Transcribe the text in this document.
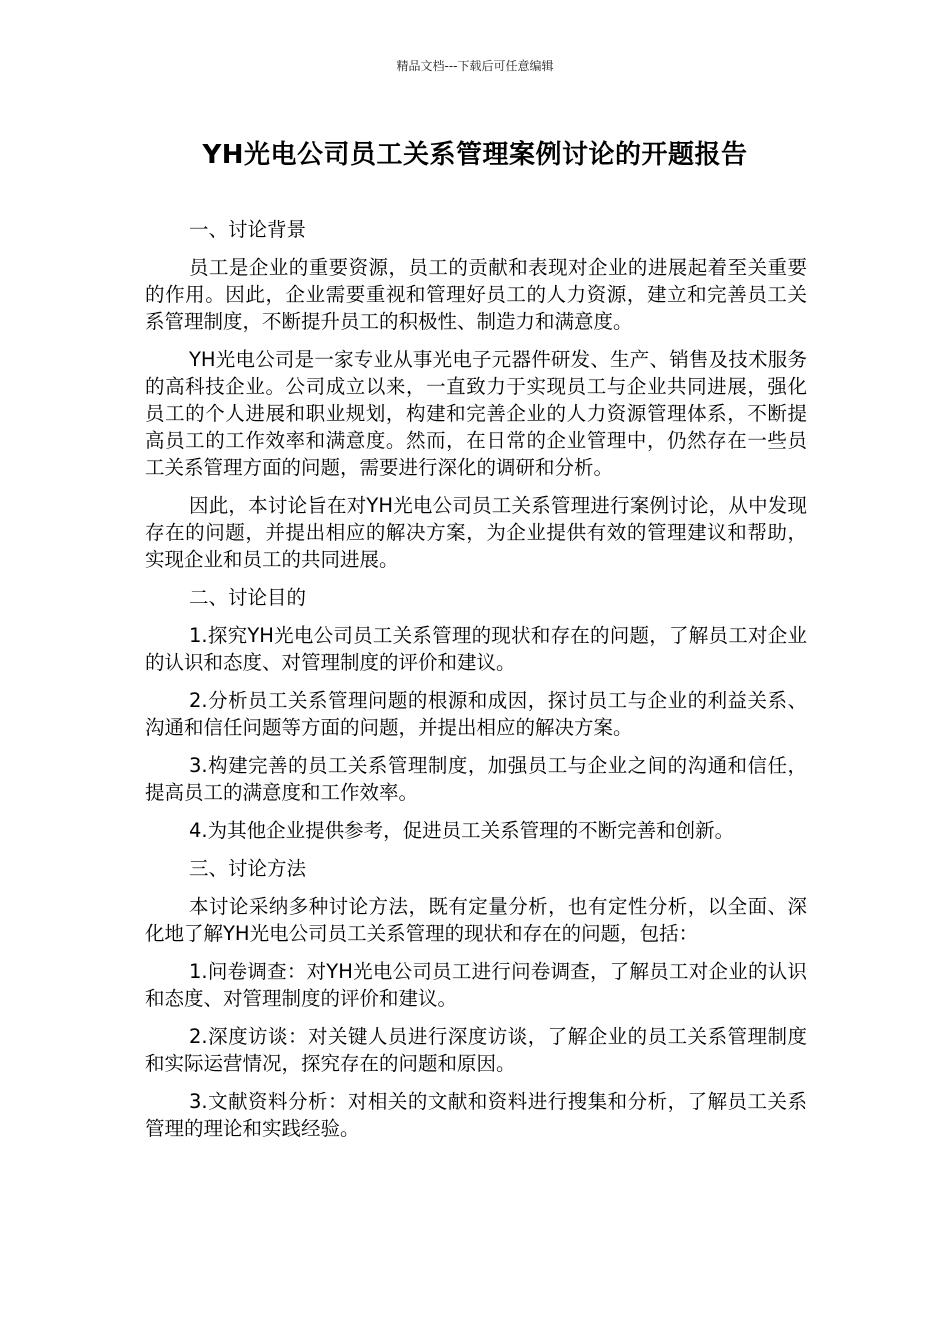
精品文档---下载后可任意编辑
YH光电公司员工关系管理案例讨论的开题报告

一、讨论背景

员工是企业的重要资源，员工的贡献和表现对企业的进展起着至关重要的作用。因此，企业需要重视和管理好员工的人力资源，建立和完善员工关系管理制度，不断提升员工的积极性、制造力和满意度。

YH光电公司是一家专业从事光电子元器件研发、生产、销售及技术服务的高科技企业。公司成立以来，一直致力于实现员工与企业共同进展，强化员工的个人进展和职业规划，构建和完善企业的人力资源管理体系，不断提高员工的工作效率和满意度。然而，在日常的企业管理中，仍然存在一些员工关系管理方面的问题，需要进行深化的调研和分析。

因此，本讨论旨在对YH光电公司员工关系管理进行案例讨论，从中发现存在的问题，并提出相应的解决方案，为企业提供有效的管理建议和帮助，实现企业和员工的共同进展。

二、讨论目的

1.探究YH光电公司员工关系管理的现状和存在的问题，了解员工对企业的认识和态度、对管理制度的评价和建议。

2.分析员工关系管理问题的根源和成因，探讨员工与企业的利益关系、沟通和信任问题等方面的问题，并提出相应的解决方案。

3.构建完善的员工关系管理制度，加强员工与企业之间的沟通和信任，提高员工的满意度和工作效率。

4.为其他企业提供参考，促进员工关系管理的不断完善和创新。

三、讨论方法

本讨论采纳多种讨论方法，既有定量分析，也有定性分析，以全面、深化地了解YH光电公司员工关系管理的现状和存在的问题，包括：

1.问卷调查：对YH光电公司员工进行问卷调查，了解员工对企业的认识和态度、对管理制度的评价和建议。

2.深度访谈：对关键人员进行深度访谈，了解企业的员工关系管理制度和实际运营情况，探究存在的问题和原因。

3.文献资料分析：对相关的文献和资料进行搜集和分析，了解员工关系管理的理论和实践经验。
